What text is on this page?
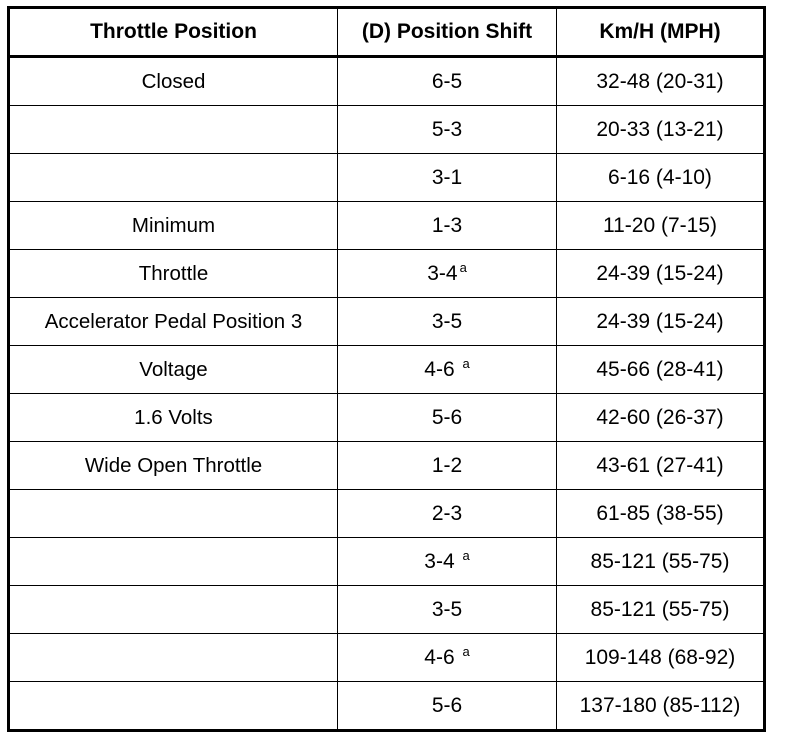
Throttle Position	(D) Position Shift	Km/H (MPH)
Closed	6-5	32-48 (20-31)
	5-3	20-33 (13-21)
	3-1	6-16 (4-10)
Minimum	1-3	11-20 (7-15)
Throttle	3-4 $^a$	24-39 (15-24)
Accelerator Pedal Position 3	3-5	24-39 (15-24)
Voltage	4-6 $^a$	45-66 (28-41)
1.6 Volts	5-6	42-60 (26-37)
Wide Open Throttle	1-2	43-61 (27-41)
	2-3	61-85 (38-55)
	3-4 $^a$	85-121 (55-75)
	3-5	85-121 (55-75)
	4-6 $^a$	109-148 (68-92)
	5-6	137-180 (85-112)
